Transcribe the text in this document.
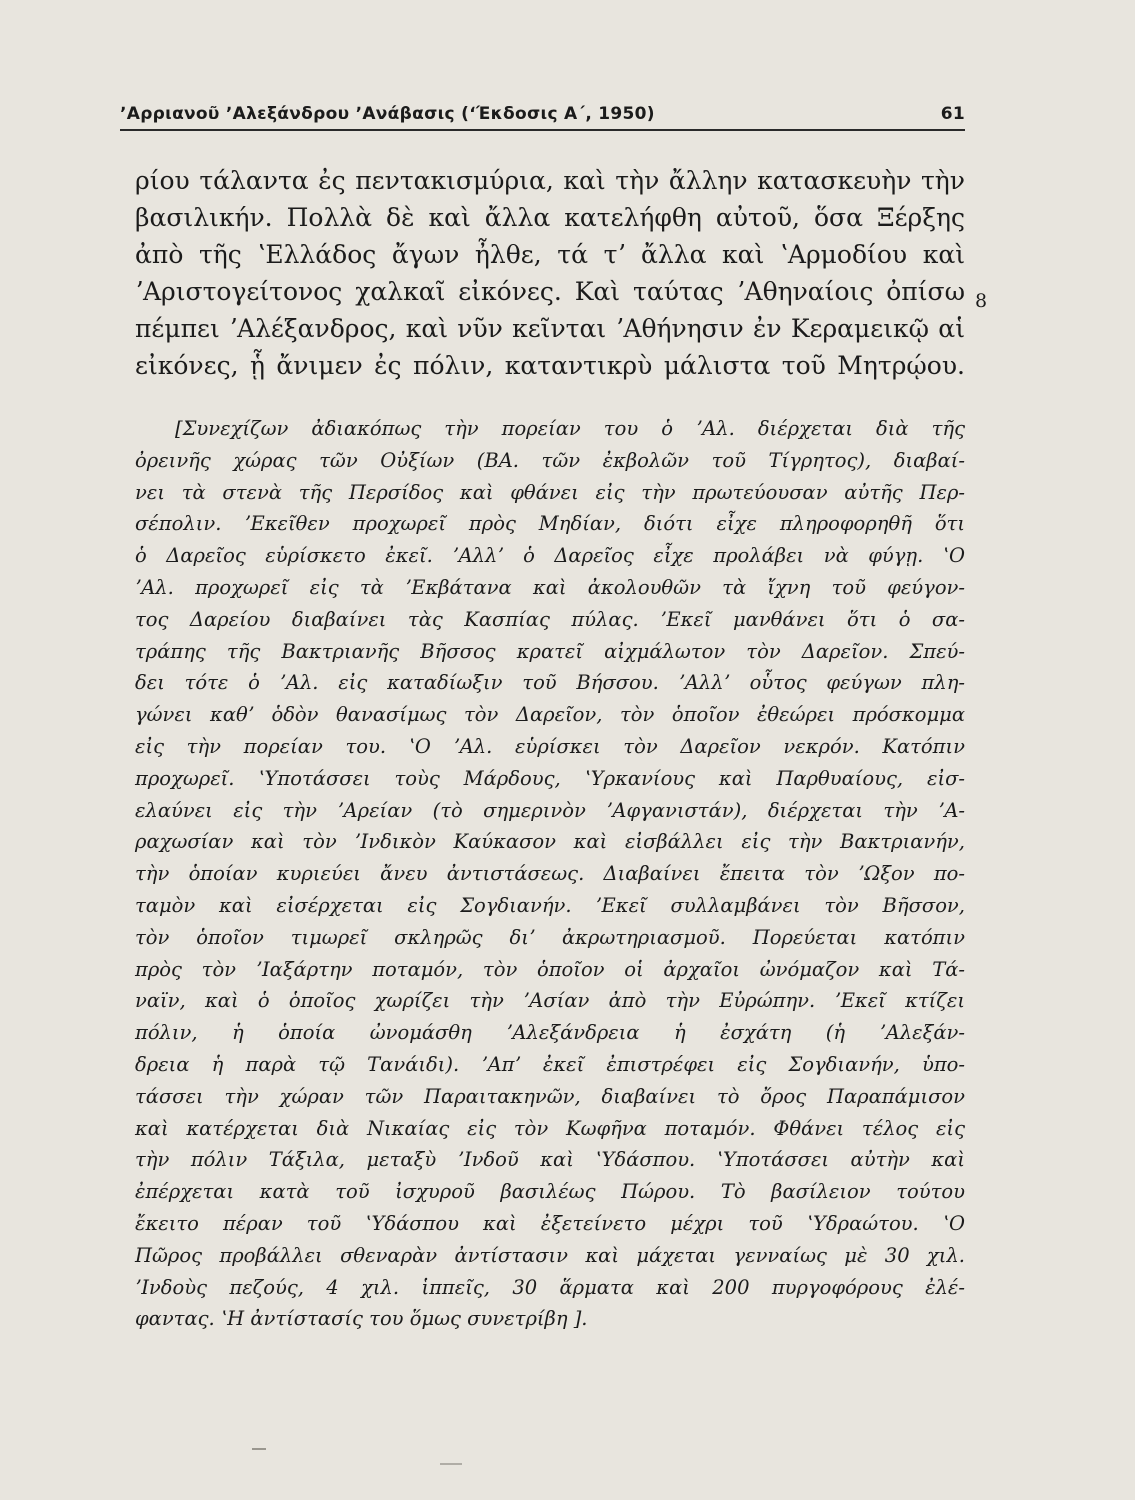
ʼΑρριανοῦ ʼΑλεξάνδρου ʼΑνάβασις (ʻΈκδοσις Α΄, 1950)	61
ρίου τάλαντα ἐς πεντακισμύρια, καὶ τὴν ἄλλην κατασκευὴν τὴν
βασιλικήν. Πολλὰ δὲ καὶ ἄλλα κατελήφθη αὐτοῦ, ὅσα Ξέρξης
ἀπὸ τῆς ʽΕλλάδος ἄγων ἦλθε, τά τʼ ἄλλα καὶ ʽΑρμοδίου καὶ
ʼΑριστογείτονος χαλκαῖ εἰκόνες. Καὶ ταύτας ʼΑθηναίοις ὀπίσω
πέμπει ʼΑλέξανδρος, καὶ νῦν κεῖνται ʼΑθήνησιν ἐν Κεραμεικῷ αἱ
εἰκόνες, ᾗ ἄνιμεν ἐς πόλιν, καταντικρὺ μάλιστα τοῦ Μητρῴου.
8
[Συνεχίζων ἀδιακόπως τὴν πορείαν του ὁ ʼΑλ. διέρχεται διὰ τῆς
ὀρεινῆς χώρας τῶν Οὐξίων (ΒΑ. τῶν ἐκβολῶν τοῦ Τίγρητος), διαβαί-
νει τὰ στενὰ τῆς Περσίδος καὶ φθάνει εἰς τὴν πρωτεύουσαν αὐτῆς Περ-
σέπολιν. ʼΕκεῖθεν προχωρεῖ πρὸς Μηδίαν, διότι εἶχε πληροφορηθῆ ὅτι
ὁ Δαρεῖος εὑρίσκετο ἐκεῖ. ʼΑλλʼ ὁ Δαρεῖος εἶχε προλάβει νὰ φύγῃ. ʽΟ
ʼΑλ. προχωρεῖ εἰς τὰ ʼΕκβάτανα καὶ ἀκολουθῶν τὰ ἴχνη τοῦ φεύγον-
τος Δαρείου διαβαίνει τὰς Κασπίας πύλας. ʼΕκεῖ μανθάνει ὅτι ὁ σα-
τράπης τῆς Βακτριανῆς Βῆσσος κρατεῖ αἰχμάλωτον τὸν Δαρεῖον. Σπεύ-
δει τότε ὁ ʼΑλ. εἰς καταδίωξιν τοῦ Βήσσου. ʼΑλλʼ οὗτος φεύγων πλη-
γώνει καθʼ ὁδὸν θανασίμως τὸν Δαρεῖον, τὸν ὁποῖον ἐθεώρει πρόσκομμα
εἰς τὴν πορείαν του. ʽΟ ʼΑλ. εὑρίσκει τὸν Δαρεῖον νεκρόν. Κατόπιν
προχωρεῖ. ʽΥποτάσσει τοὺς Μάρδους, ʽΥρκανίους καὶ Παρθυαίους, εἰσ-
ελαύνει εἰς τὴν ʼΑρείαν (τὸ σημερινὸν ʼΑφγανιστάν), διέρχεται τὴν ʼΑ-
ραχωσίαν καὶ τὸν ʼΙνδικὸν Καύκασον καὶ εἰσβάλλει εἰς τὴν Βακτριανήν,
τὴν ὁποίαν κυριεύει ἄνευ ἀντιστάσεως. Διαβαίνει ἔπειτα τὸν ʼΩξον πο-
ταμὸν καὶ εἰσέρχεται εἰς Σογδιανήν. ʼΕκεῖ συλλαμβάνει τὸν Βῆσσον,
τὸν ὁποῖον τιμωρεῖ σκληρῶς διʼ ἀκρωτηριασμοῦ. Πορεύεται κατόπιν
πρὸς τὸν ʼΙαξάρτην ποταμόν, τὸν ὁποῖον οἱ ἀρχαῖοι ὠνόμαζον καὶ Τά-
ναϊν, καὶ ὁ ὁποῖος χωρίζει τὴν ʼΑσίαν ἀπὸ τὴν Εὐρώπην. ʼΕκεῖ κτίζει
πόλιν, ἡ ὁποία ὠνομάσθη ʼΑλεξάνδρεια ἡ ἐσχάτη (ἡ ʼΑλεξάν-
δρεια ἡ παρὰ τῷ Τανάιδι). ʼΑπʼ ἐκεῖ ἐπιστρέφει εἰς Σογδιανήν, ὑπο-
τάσσει τὴν χώραν τῶν Παραιτακηνῶν, διαβαίνει τὸ ὄρος Παραπάμισον
καὶ κατέρχεται διὰ Νικαίας εἰς τὸν Κωφῆνα ποταμόν. Φθάνει τέλος εἰς
τὴν πόλιν Τάξιλα, μεταξὺ ʼΙνδοῦ καὶ ʽΥδάσπου. ʽΥποτάσσει αὐτὴν καὶ
ἐπέρχεται κατὰ τοῦ ἰσχυροῦ βασιλέως Πώρου. Τὸ βασίλειον τούτου
ἔκειτο πέραν τοῦ ʽΥδάσπου καὶ ἐξετείνετο μέχρι τοῦ ʽΥδραώτου. ʽΟ
Πῶρος προβάλλει σθεναρὰν ἀντίστασιν καὶ μάχεται γενναίως μὲ 30 χιλ.
ʼΙνδοὺς πεζούς, 4 χιλ. ἱππεῖς, 30 ἅρματα καὶ 200 πυργοφόρους ἐλέ-
φαντας. ʽΗ ἀντίστασίς του ὅμως συνετρίβη ].
